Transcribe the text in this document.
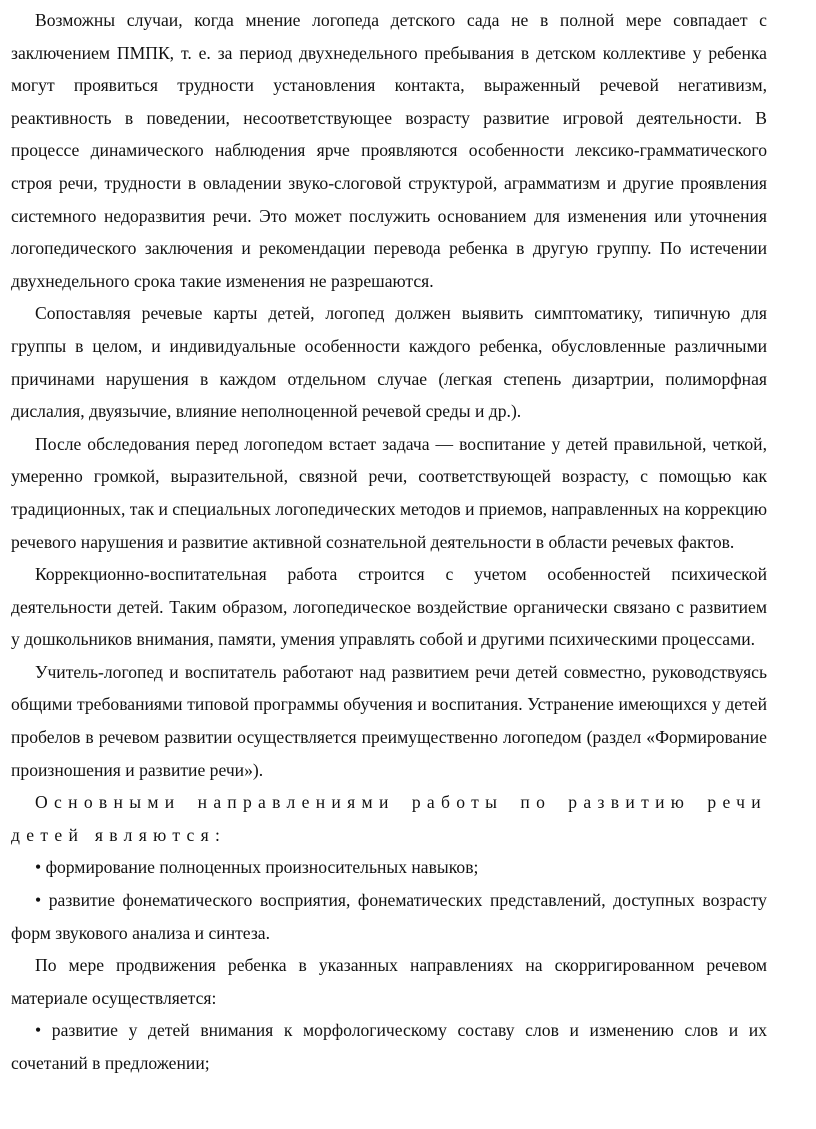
Возможны случаи, когда мнение логопеда детского сада не в полной мере совпадает с заключением ПМПК, т. е. за период двухнедельного пребывания в детском коллективе у ребенка могут проявиться трудности установления контакта, выраженный речевой негативизм, реактивность в поведении, несоответствующее возрасту развитие игровой деятельности. В процессе динамического наблюдения ярче проявляются особенности лексико-грамматического строя речи, трудности в овладении звуко-слоговой структурой, аграмматизм и другие проявления системного недоразвития речи. Это может послужить основанием для изменения или уточнения логопедического заключения и рекомендации перевода ребенка в другую группу. По истечении двухнедельного срока такие изменения не разрешаются.

Сопоставляя речевые карты детей, логопед должен выявить симптоматику, типичную для группы в целом, и индивидуальные особенности каждого ребенка, обусловленные различными причинами нарушения в каждом отдельном случае (легкая степень дизартрии, полиморфная дислалия, двуязычие, влияние неполноценной речевой среды и др.).

После обследования перед логопедом встает задача — воспитание у детей правильной, четкой, умеренно громкой, выразительной, связной речи, соответствующей возрасту, с помощью как традиционных, так и специальных логопедических методов и приемов, направленных на коррекцию речевого нарушения и развитие активной сознательной деятельности в области речевых фактов.

Коррекционно-воспитательная работа строится с учетом особенностей психической деятельности детей. Таким образом, логопедическое воздействие органически связано с развитием у дошкольников внимания, памяти, умения управлять собой и другими психическими процессами.

Учитель-логопед и воспитатель работают над развитием речи детей совместно, руководствуясь общими требованиями типовой программы обучения и воспитания. Устранение имеющихся у детей пробелов в речевом развитии осуществляется преимущественно логопедом (раздел «Формирование произношения и развитие речи»).

Основными направлениями работы по развитию речи детей являются:

• формирование полноценных произносительных навыков;

• развитие фонематического восприятия, фонематических представлений, доступных возрасту форм звукового анализа и синтеза.

По мере продвижения ребенка в указанных направлениях на скорригированном речевом материале осуществляется:

• развитие у детей внимания к морфологическому составу слов и изменению слов и их сочетаний в предложении;
